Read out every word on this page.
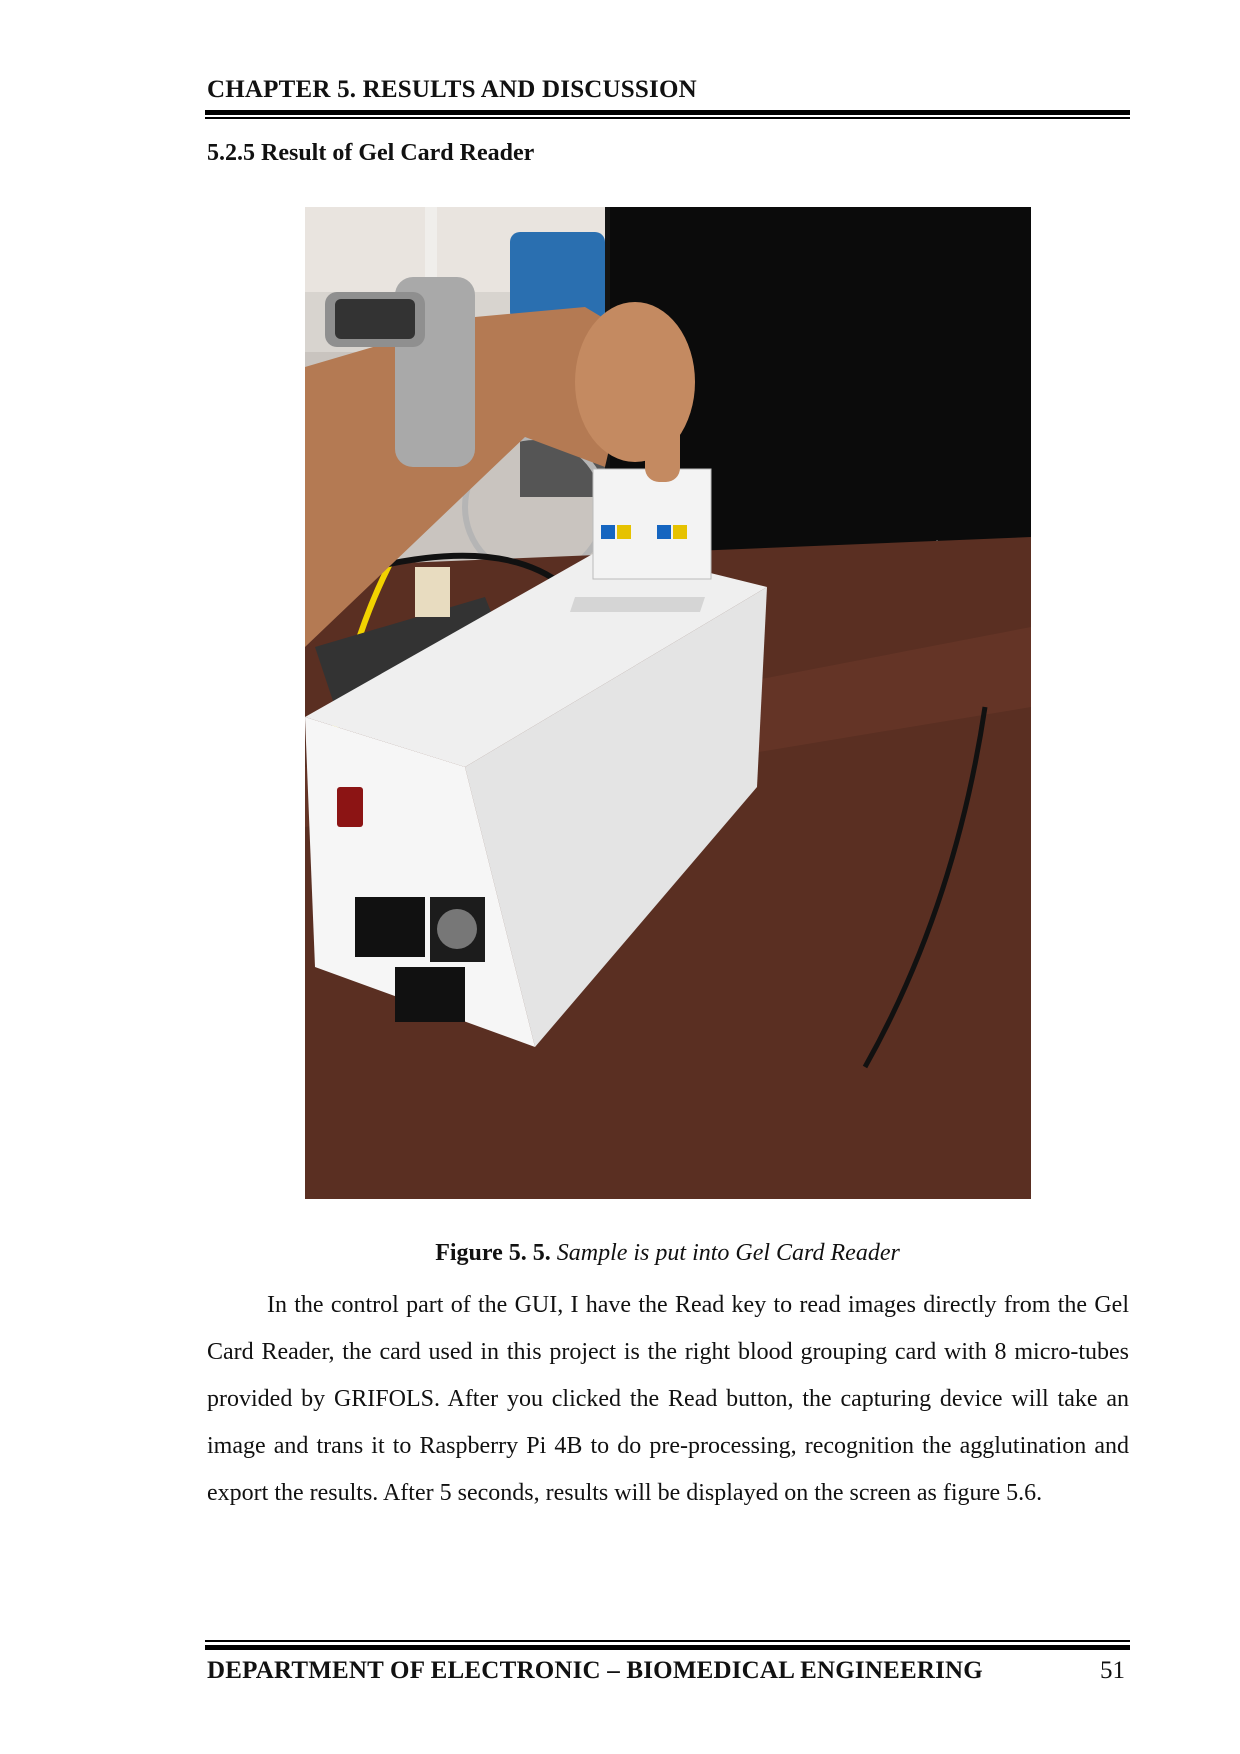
CHAPTER 5. RESULTS AND DISCUSSION
5.2.5 Result of Gel Card Reader
Figure 5. 5. Sample is put into Gel Card Reader

In the control part of the GUI, I have the Read key to read images directly from the Gel Card Reader, the card used in this project is the right blood grouping card with 8 micro-tubes provided by GRIFOLS. After you clicked the Read button, the capturing device will take an image and trans it to Raspberry Pi 4B to do pre-processing, recognition the agglutination and export the results. After 5 seconds, results will be displayed on the screen as figure 5.6.

DEPARTMENT OF ELECTRONIC – BIOMEDICAL ENGINEERING	51
